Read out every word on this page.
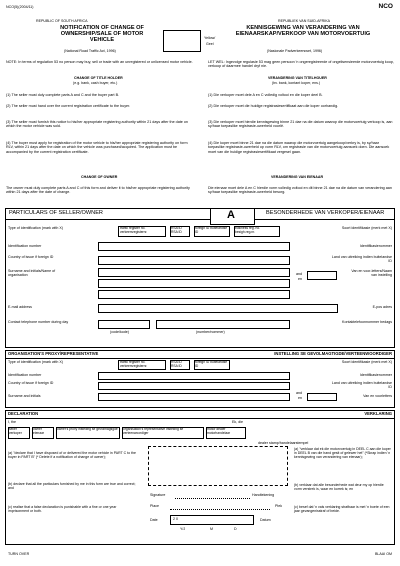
NCO(5)(2004/11)	NCO
REPUBLIC OF SOUTH AFRICA	REPUBLIEK VAN SUID-AFRIKA
NOTIFICATION OF CHANGE OF OWNERSHIP/SALE OF MOTOR VEHICLE
(National Road Traffic Act, 1996)
KENNISGEWING VAN VERANDERING VAN EIENAARSKAP/VERKOOP VAN MOTORVOERTUIG
(Nasionale Padverkeerswet, 1996)
Yellow/
Geel
NOTE: In terms of regulation 53 no person may buy, sell or trade with an unregistered or unlicensed motor vehicle.	LET WEL: Ingevolge regulasie 53 mag geen persoon 'n ongeregistreerde of ongelisensieerde motorvoertuig koop, verkoop of daarmee handel dryf nie.
CHANGE OF TITLE HOLDER
(e.g. bank, cash buyer, etc.)
VERANDERING VAN TITELHOUER
(bv. bank, kontant koper, ens.)
(1) The seller must duly complete parts A and C and the buyer part B.
(2) The seller must hand over the current registration certificate to the buyer.
(3) The seller must furnish this notice to his/her appropriate registering authority within 21 days after the date on which the motor vehicle was sold.
(4) The buyer must apply for registration of the motor vehicle to his/her appropriate registering authority on form RLV, within 21 days after the date on which the vehicle was purchased/acquired. The application must be accompanied by the current registration certificate.
(1) Die verkoper moet dele A en C volledig voltooi en die koper deel B.
(2) Die verkoper moet die huidige registrasiesertifikaat aan die koper oorhandig.
(3) Die verkoper moet hierdie kennisgewing binne 21 dae na die datum waarop die motorvoertuig verkoop is, aan sy/haar toepaslike registrasie-owerheid voorlê.
(4) Die koper moet binne 21 dae na die datum waarop die motorvoertuig aangekoop/verkry is, by sy/haar toepaslike registrasie-owerheid op vorm RLV, om registrasie van die motorvoertuig aansoek doen. Die aansoek moet van die huidige registrasiesertifikaat vergesel gaan.
CHANGE OF OWNER	VERANDERING VAN EIENAAR
The owner must duly complete parts A and C of this form and deliver it to his/her appropriate registering authority within 21 days after the date of change.
Die eienaar moet dele A en C hierdie vorm volledig voltooi en dit binne 21 dae na die datum van verandering aan sy/haar toepaslike registrasie-owerheid besorg.
PARTICULARS OF SELLER/OWNER	A	BESONDERHEDE VAN VERKOPER/EIENAAR
Type of identification (mark with X)	Soort identifikasie (merk met X)
traffic register no. verkeersregisternr.
RSA ID RSA ID
foreign ID buitelandse ID
business reg. no. besigh.reg.nr.
Identification number	Identifikasienommer
Country of issue if foreign ID	Land van uitreiking indien buitelandse ID
Surname and initials/Name of organisation
Van en voor-letters/Naam van instelling
and
en
E-mail address	E-pos adres
Contact telephone number during day	Kontaktelefoonnommer bedags
(code/kode)	(number/nommer)
ORGANISATION'S PROXY/REPRESENTATIVE	INSTELLING SE GEVOLMAGTIGDE/VERTEENWOORDIGER
Type of identification (mark with X)	Soort identifikasie (merk met X)
traffic register no. verkeersregisternr.
RSA ID RSA ID
foreign ID buitelandse ID
Identification number	Identifikasienommer
Country of issue if foreign ID	Land van uitreiking indien buitelandse ID
Surname and initials	Van en voorletters
and
en
DECLARATION	VERKLARING
I, the	Ek, die
seller verkoper
owner eienaar
owner's proxy instelling se gevolmagtigde	organisation's representative instelling se verteenwoordiger
motor dealer motorhandelaar
dealer stamp/handelaarstempel
(a) "declare that I have disposed of or delivered the motor vehicle in PART C to the buyer in PART B" (* Delete if a notification of change of owner);
(a) "verklaar dat ek die motorvoertuig in DEEL C aan die koper in DEEL B van die hand gesit of gelewer het" (*Skrap indien 'n kennisgewing van verandering van eienaar);
(b) declare that all the particulars furnished by me in this form are true and correct; and
(b) verklaar dat alle besonderhede wat deur my op hierdie vorm verstrek is, waar en korrek is; en
(c) realise that a false declaration is punishable with a fine or one year imprisonment or both.
(c) besef dat 'n vals verklaring strafbaar is met 'n boete of een jaar gevangenisstraf of beide.
Signature	Handtekening
Place	Plek
Date	2 0	Datum
Y/J	M	D
TURN OVER	BLAAI OM
